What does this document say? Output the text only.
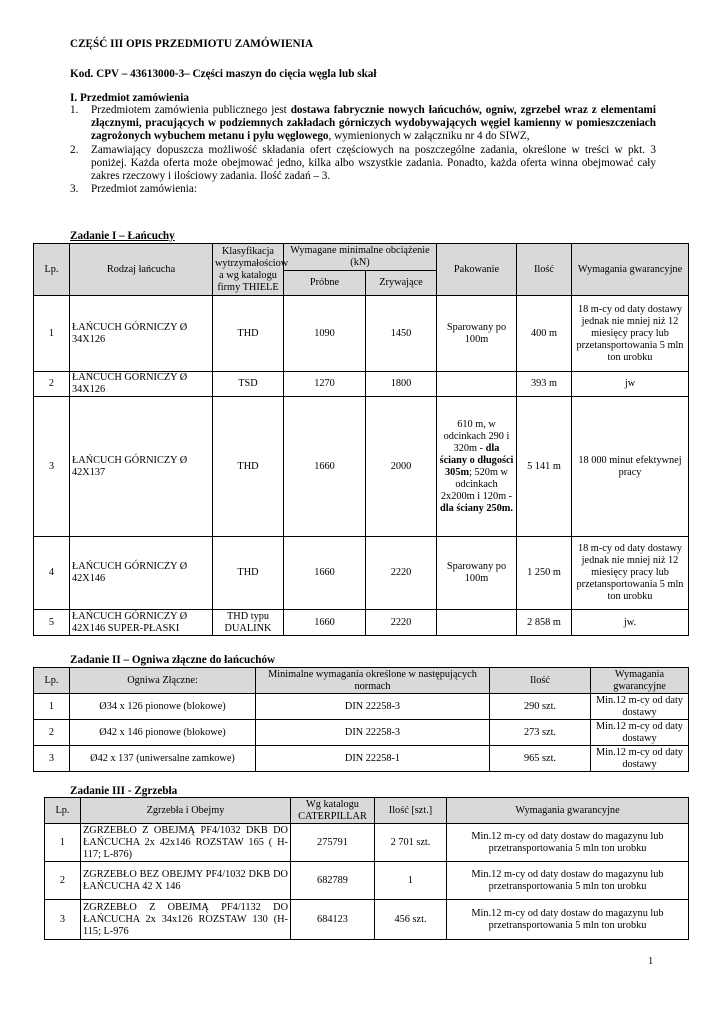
CZĘŚĆ III OPIS PRZEDMIOTU ZAMÓWIENIA
Kod. CPV – 43613000-3– Części maszyn do cięcia węgla lub skał
I. Przedmiot zamówienia
1. Przedmiotem zamówienia publicznego jest dostawa fabrycznie nowych łańcuchów, ogniw, zgrzebeł wraz z elementami złącznymi, pracujących w podziemnych zakładach górniczych wydobywających węgiel kamienny w pomieszczeniach zagrożonych wybuchem metanu i pyłu węglowego, wymienionych w załączniku nr 4 do SIWZ,
2. Zamawiający dopuszcza możliwość składania ofert częściowych na poszczególne zadania, określone w treści w pkt. 3 poniżej. Każda oferta może obejmować jedno, kilka albo wszystkie zadania. Ponadto, każda oferta winna obejmować cały zakres rzeczowy i ilościowy zadania. Ilość zadań – 3.
3. Przedmiot zamówienia:
Zadanie I – Łańcuchy
Lp.	Rodzaj łańcucha	Klasyfikacja wytrzymałościow a wg katalogu firmy THIELE	Wymagane minimalne obciążenie (kN)		Pakowanie	Ilość	Wymagania gwarancyjne
			Próbne	Zrywające			
1	ŁAŃCUCH GÓRNICZY Ø 34X126	THD	1090	1450	Sparowany po 100m	400 m	18 m-cy od daty dostawy jednak nie mniej niż 12 miesięcy pracy lub przetansportowania 5 mln ton urobku
2	ŁAŃCUCH GÓRNICZY Ø 34X126	TSD	1270	1800		393 m	jw
3	ŁAŃCUCH GÓRNICZY Ø 42X137	THD	1660	2000	610 m, w odcinkach 290 i 320m - dla ściany o długości 305m; 520m w odcinkach 2x200m i 120m - dla ściany 250m.	5 141 m	18 000 minut efektywnej pracy
4	ŁAŃCUCH GÓRNICZY Ø 42X146	THD	1660	2220	Sparowany po 100m	1 250 m	18 m-cy od daty dostawy jednak nie mniej niż 12 miesięcy pracy lub przetansportowania 5 mln ton urobku
5	ŁAŃCUCH GÓRNICZY Ø 42X146 SUPER-PŁASKI	THD typu DUALINK	1660	2220		2 858 m	jw.
Zadanie II – Ogniwa złączne do łańcuchów
Lp.	Ogniwa Złączne:	Minimalne wymagania określone w następujących normach	Ilość	Wymagania gwarancyjne
1	Ø34 x 126 pionowe (blokowe)	DIN 22258-3	290 szt.	Min.12 m-cy od daty dostawy
2	Ø42 x 146 pionowe (blokowe)	DIN 22258-3	273 szt.	Min.12 m-cy od daty dostawy
3	Ø42 x 137 (uniwersalne zamkowe)	DIN 22258-1	965 szt.	Min.12 m-cy od daty dostawy
Zadanie III - Zgrzebła
Lp.	Zgrzebła i Obejmy	Wg katalogu CATERPILLAR	Ilość [szt.]	Wymagania gwarancyjne
1	ZGRZEBŁO Z OBEJMĄ PF4/1032 DKB DO ŁAŃCUCHA 2x 42x146 ROZSTAW 165 ( H-117; L-876)	275791	2 701 szt.	Min.12 m-cy od daty dostaw do magazynu lub przetransportowania 5 mln ton urobku
2	ZGRZEBŁO BEZ OBEJMY PF4/1032 DKB DO ŁAŃCUCHA 42 X 146	682789	1	Min.12 m-cy od daty dostaw do magazynu lub przetransportowania 5 mln ton urobku
3	ZGRZEBŁO Z OBEJMĄ PF4/1132 DO ŁAŃCUCHA 2x 34x126 ROZSTAW 130 (H-115; L-976	684123	456 szt.	Min.12 m-cy od daty dostaw do magazynu lub przetransportowania 5 mln ton urobku
1
